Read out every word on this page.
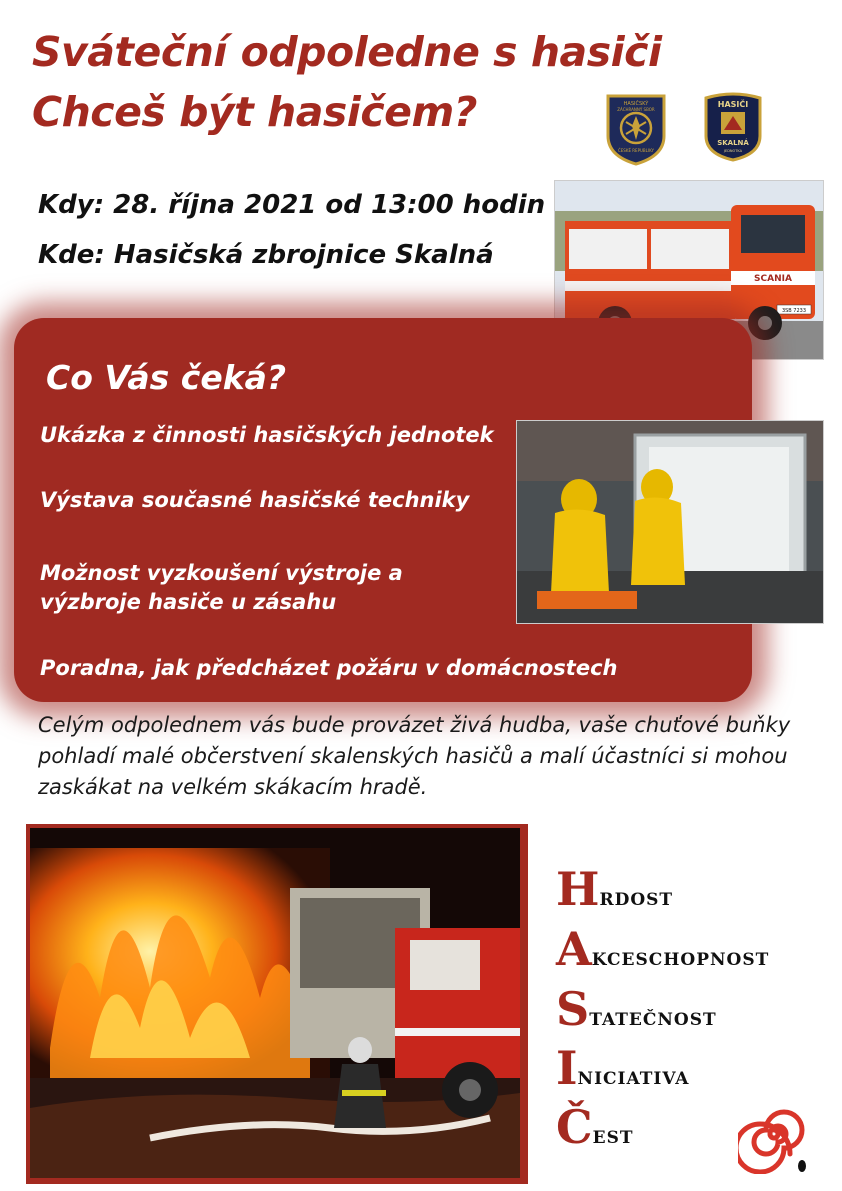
Sváteční odpoledne s hasiči
Chceš být hasičem?	HASIČSKÝ
ZÁCHRANNÝ SBOR
ČESKÉ REPUBLIKY
HASIČI
SKALNÁ
JEDNOTKA
Kdy: 28. října 2021 od 13:00 hodin
Kde: Hasičská zbrojnice Skalná
SCANIA
3SB 7233
Co Vás čeká?
Ukázka z činnosti hasičských jednotek
Výstava současné hasičské techniky
Možnost vyzkoušení výstroje a výzbroje hasiče u zásahu
Poradna, jak předcházet požáru v domácnostech
Celým odpolednem vás bude provázet živá hudba, vaše chuťové buňky pohladí malé občerstvení skalenských hasičů a malí účastníci si mohou zaskákat na velkém skákacím hradě.
HRDOST
AKCESCHOPNOST
STATEČNOST
INICIATIVA
ČEST
